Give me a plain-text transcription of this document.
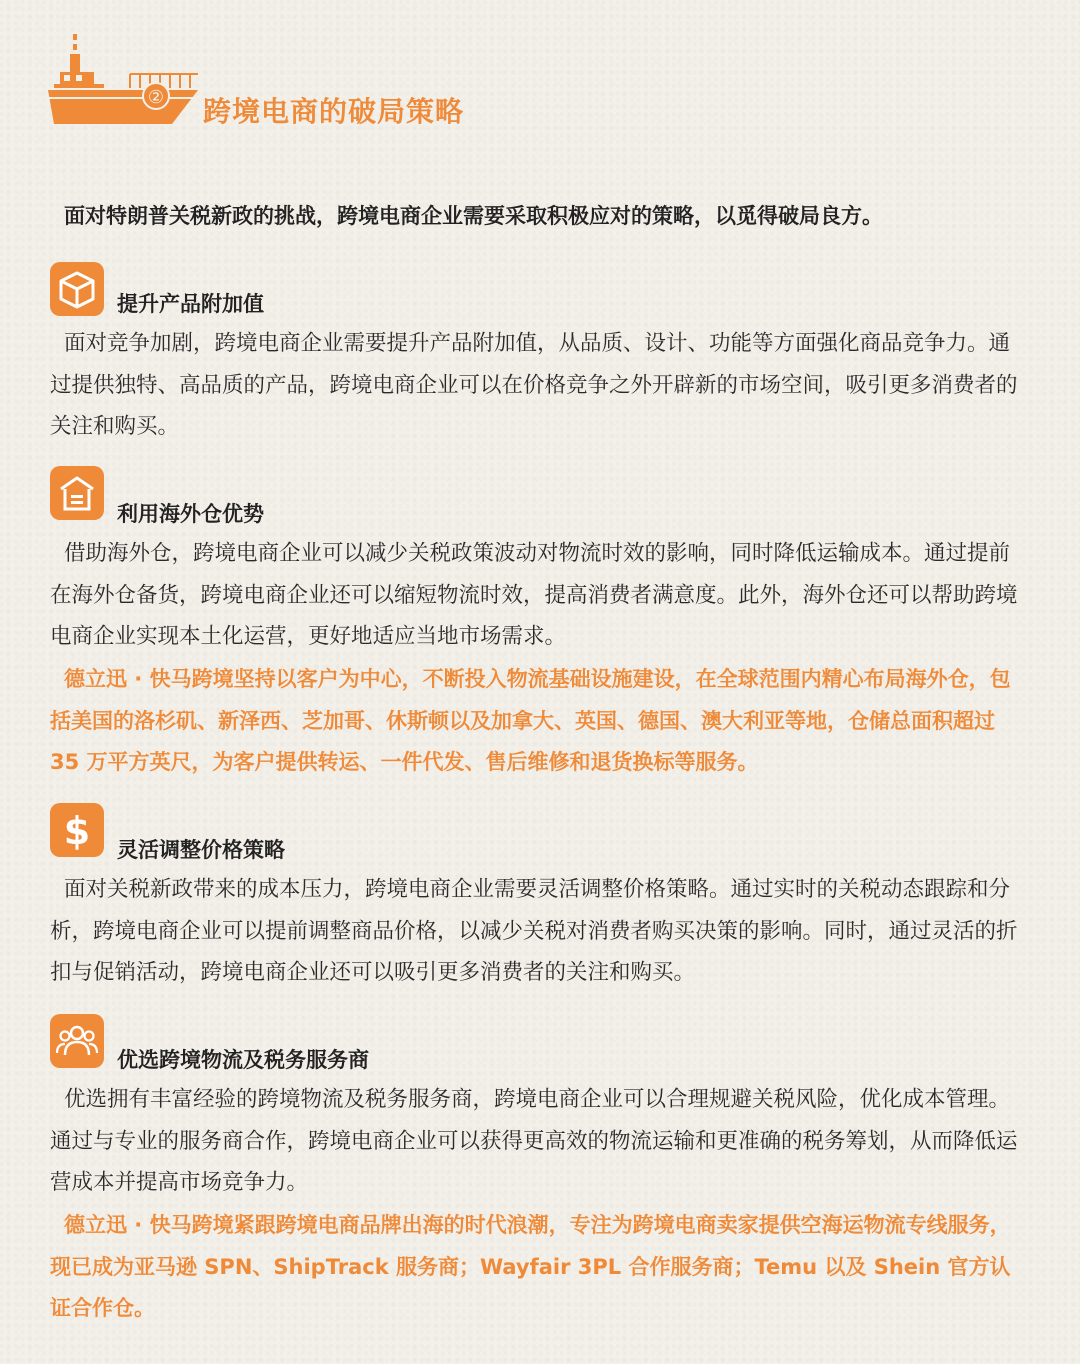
② 跨境电商的破局策略
面对特朗普关税新政的挑战，跨境电商企业需要采取积极应对的策略，以觅得破局良方。
提升产品附加值
面对竞争加剧，跨境电商企业需要提升产品附加值，从品质、设计、功能等方面强化商品竞争力。通过提供独特、高品质的产品，跨境电商企业可以在价格竞争之外开辟新的市场空间，吸引更多消费者的关注和购买。
利用海外仓优势
借助海外仓，跨境电商企业可以减少关税政策波动对物流时效的影响，同时降低运输成本。通过提前在海外仓备货，跨境电商企业还可以缩短物流时效，提高消费者满意度。此外，海外仓还可以帮助跨境电商企业实现本土化运营，更好地适应当地市场需求。
德立迅 · 快马跨境坚持以客户为中心，不断投入物流基础设施建设，在全球范围内精心布局海外仓，包括美国的洛杉矶、新泽西、芝加哥、休斯顿以及加拿大、英国、德国、澳大利亚等地，仓储总面积超过 35 万平方英尺，为客户提供转运、一件代发、售后维修和退货换标等服务。
$ 灵活调整价格策略
面对关税新政带来的成本压力，跨境电商企业需要灵活调整价格策略。通过实时的关税动态跟踪和分析，跨境电商企业可以提前调整商品价格，以减少关税对消费者购买决策的影响。同时，通过灵活的折扣与促销活动，跨境电商企业还可以吸引更多消费者的关注和购买。
优选跨境物流及税务服务商
优选拥有丰富经验的跨境物流及税务服务商，跨境电商企业可以合理规避关税风险，优化成本管理。通过与专业的服务商合作，跨境电商企业可以获得更高效的物流运输和更准确的税务筹划，从而降低运营成本并提高市场竞争力。
德立迅 · 快马跨境紧跟跨境电商品牌出海的时代浪潮，专注为跨境电商卖家提供空海运物流专线服务，现已成为亚马逊 SPN、ShipTrack 服务商；Wayfair 3PL 合作服务商；Temu 以及 Shein 官方认证合作仓。
